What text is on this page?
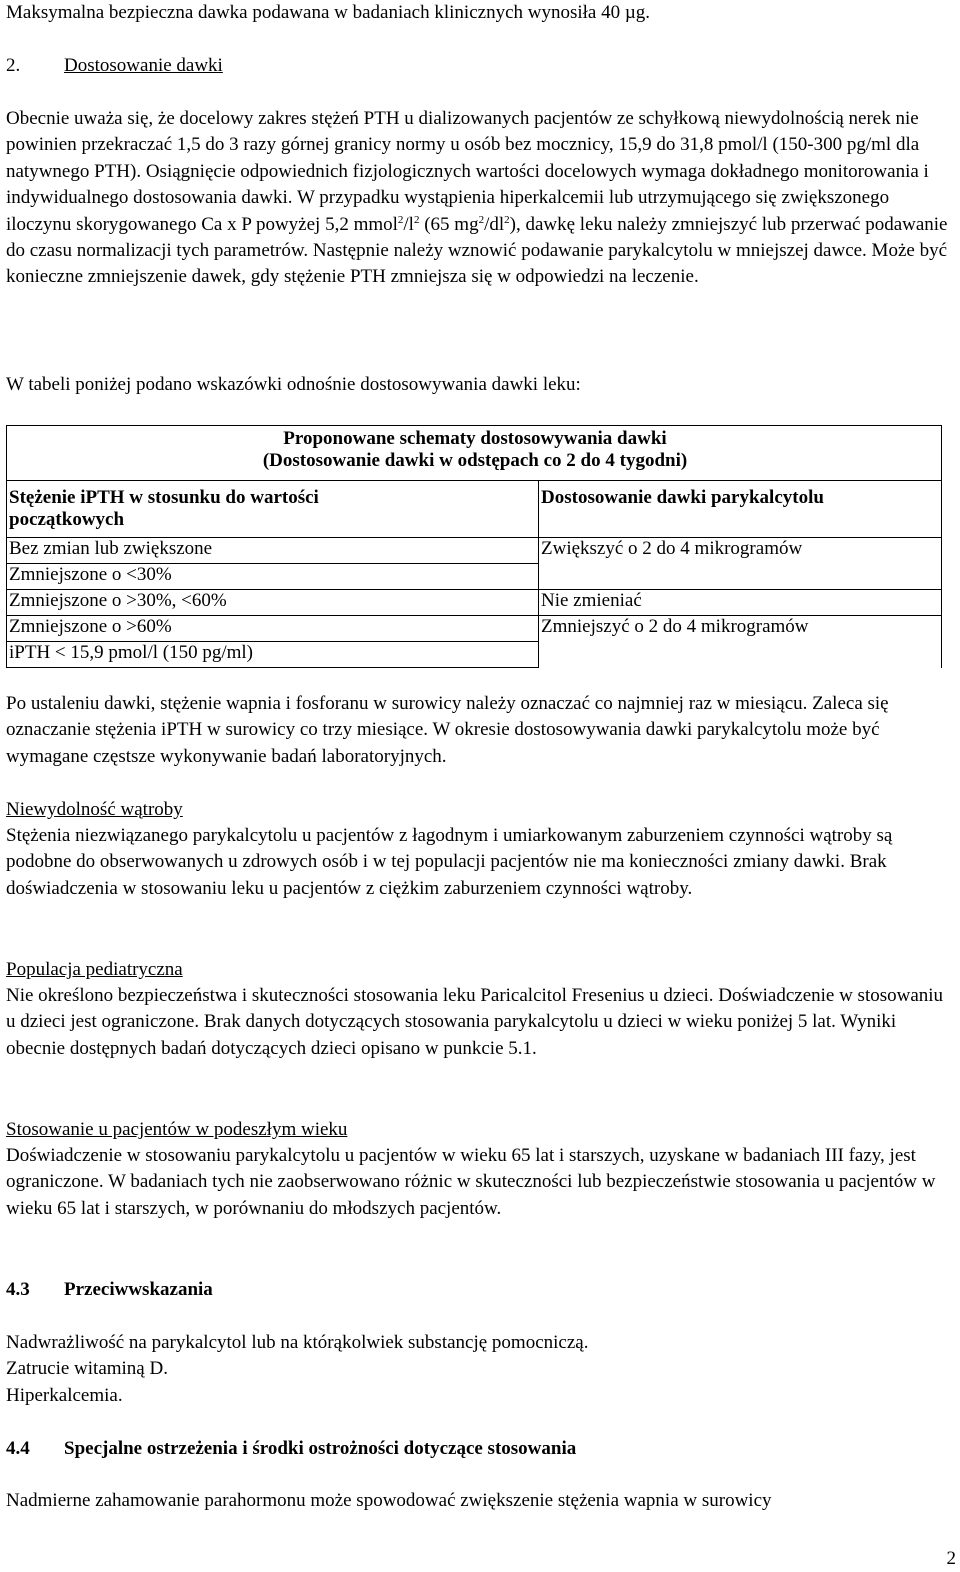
Maksymalna bezpieczna dawka podawana w badaniach klinicznych wynosiła 40 µg.

2. Dostosowanie dawki

Obecnie uważa się, że docelowy zakres stężeń PTH u dializowanych pacjentów ze schyłkową niewydolnością nerek nie powinien przekraczać 1,5 do 3 razy górnej granicy normy u osób bez mocznicy, 15,9 do 31,8 pmol/l (150-300 pg/ml dla natywnego PTH). Osiągnięcie odpowiednich fizjologicznych wartości docelowych wymaga dokładnego monitorowania i indywidualnego dostosowania dawki. W przypadku wystąpienia hiperkalcemii lub utrzymującego się zwiększonego iloczynu skorygowanego Ca x P powyżej 5,2 $mmol^2/l^2$ (65 $mg^2/dl^2$), dawkę leku należy zmniejszyć lub przerwać podawanie do czasu normalizacji tych parametrów. Następnie należy wznowić podawanie parykalcytolu w mniejszej dawce. Może być konieczne zmniejszenie dawek, gdy stężenie PTH zmniejsza się w odpowiedzi na leczenie.

W tabeli poniżej podano wskazówki odnośnie dostosowywania dawki leku:

Proponowane schematy dostosowywania dawki
(Dostosowanie dawki w odstępach co 2 do 4 tygodni)	

Stężenie iPTH w stosunku do wartości początkowych	Dostosowanie dawki parykalcytolu
Bez zmian lub zwiększone	Zwiększyć o 2 do 4 mikrogramów
Zmniejszone o <30%	
Zmniejszone o >30%, <60%	Nie zmieniać
Zmniejszone o >60%	Zmniejszyć o 2 do 4 mikrogramów
iPTH < 15,9 pmol/l (150 pg/ml)	

Po ustaleniu dawki, stężenie wapnia i fosforanu w surowicy należy oznaczać co najmniej raz w miesiącu. Zaleca się oznaczanie stężenia iPTH w surowicy co trzy miesiące. W okresie dostosowywania dawki parykalcytolu może być wymagane częstsze wykonywanie badań laboratoryjnych.

Niewydolność wątroby

Stężenia niezwiązanego parykalcytolu u pacjentów z łagodnym i umiarkowanym zaburzeniem czynności wątroby są podobne do obserwowanych u zdrowych osób i w tej populacji pacjentów nie ma konieczności zmiany dawki. Brak doświadczenia w stosowaniu leku u pacjentów z ciężkim zaburzeniem czynności wątroby.

Populacja pediatryczna

Nie określono bezpieczeństwa i skuteczności stosowania leku Paricalcitol Fresenius u dzieci. Doświadczenie w stosowaniu u dzieci jest ograniczone. Brak danych dotyczących stosowania parykalcytolu u dzieci w wieku poniżej 5 lat. Wyniki obecnie dostępnych badań dotyczących dzieci opisano w punkcie 5.1.

Stosowanie u pacjentów w podeszłym wieku

Doświadczenie w stosowaniu parykalcytolu u pacjentów w wieku 65 lat i starszych, uzyskane w badaniach III fazy, jest ograniczone. W badaniach tych nie zaobserwowano różnic w skuteczności lub bezpieczeństwie stosowania u pacjentów w wieku 65 lat i starszych, w porównaniu do młodszych pacjentów.

4.3 Przeciwwskazania

Nadwrażliwość na parykalcytol lub na którąkolwiek substancję pomocniczą.

Zatrucie witaminą D.

Hiperkalcemia.

4.4 Specjalne ostrzeżenia i środki ostrożności dotyczące stosowania

Nadmierne zahamowanie parahormonu może spowodować zwiększenie stężenia wapnia w surowicy

2
